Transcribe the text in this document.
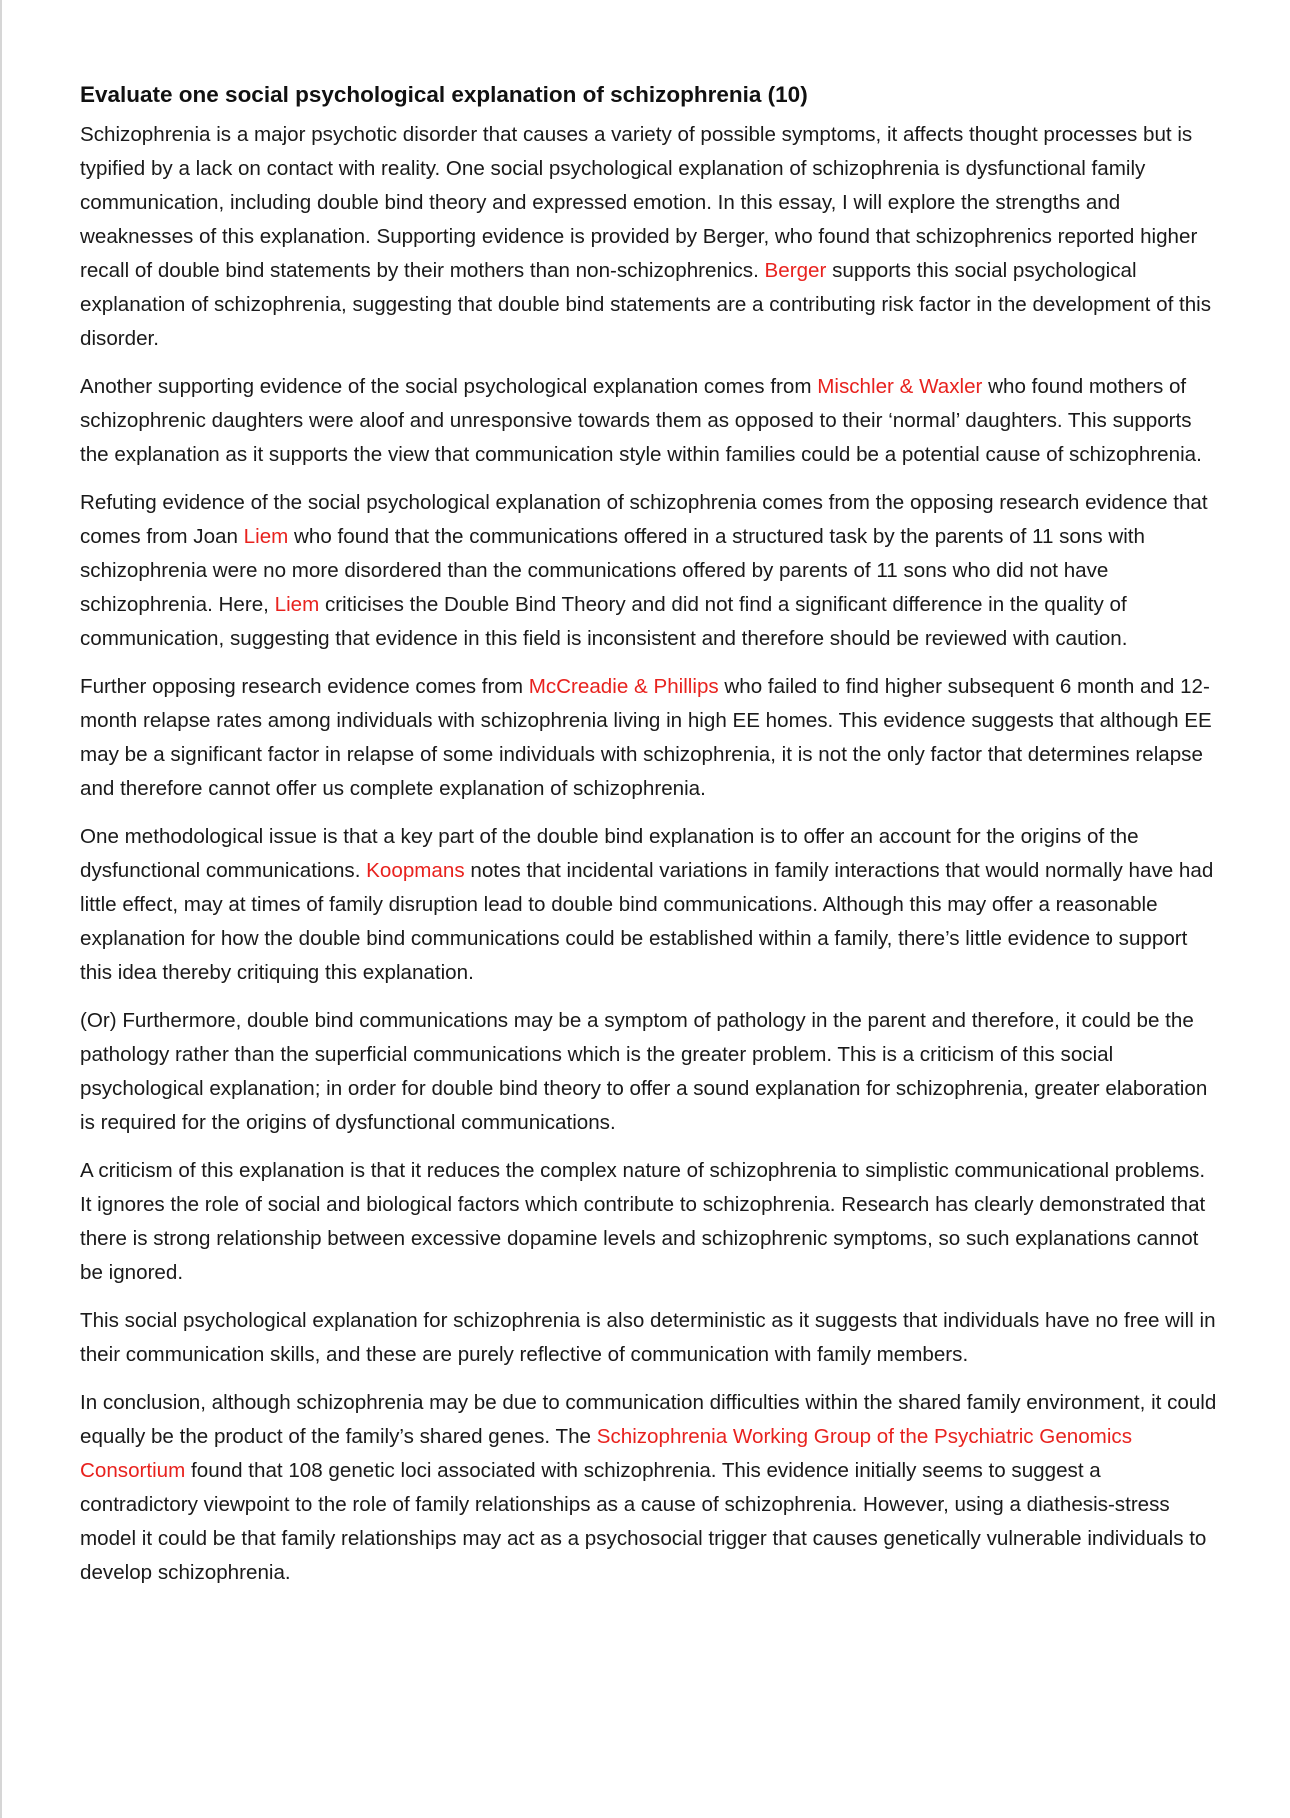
Evaluate one social psychological explanation of schizophrenia (10)

Schizophrenia is a major psychotic disorder that causes a variety of possible symptoms, it affects thought processes but is typified by a lack on contact with reality. One social psychological explanation of schizophrenia is dysfunctional family communication, including double bind theory and expressed emotion. In this essay, I will explore the strengths and weaknesses of this explanation. Supporting evidence is provided by Berger, who found that schizophrenics reported higher recall of double bind statements by their mothers than non-schizophrenics. Berger supports this social psychological explanation of schizophrenia, suggesting that double bind statements are a contributing risk factor in the development of this disorder.

Another supporting evidence of the social psychological explanation comes from Mischler & Waxler who found mothers of schizophrenic daughters were aloof and unresponsive towards them as opposed to their ‘normal’ daughters. This supports the explanation as it supports the view that communication style within families could be a potential cause of schizophrenia.

Refuting evidence of the social psychological explanation of schizophrenia comes from the opposing research evidence that comes from Joan Liem who found that the communications offered in a structured task by the parents of 11 sons with schizophrenia were no more disordered than the communications offered by parents of 11 sons who did not have schizophrenia. Here, Liem criticises the Double Bind Theory and did not find a significant difference in the quality of communication, suggesting that evidence in this field is inconsistent and therefore should be reviewed with caution.

Further opposing research evidence comes from McCreadie & Phillips who failed to find higher subsequent 6 month and 12-month relapse rates among individuals with schizophrenia living in high EE homes. This evidence suggests that although EE may be a significant factor in relapse of some individuals with schizophrenia, it is not the only factor that determines relapse and therefore cannot offer us complete explanation of schizophrenia.

One methodological issue is that a key part of the double bind explanation is to offer an account for the origins of the dysfunctional communications. Koopmans notes that incidental variations in family interactions that would normally have had little effect, may at times of family disruption lead to double bind communications. Although this may offer a reasonable explanation for how the double bind communications could be established within a family, there’s little evidence to support this idea thereby critiquing this explanation.

(Or) Furthermore, double bind communications may be a symptom of pathology in the parent and therefore, it could be the pathology rather than the superficial communications which is the greater problem. This is a criticism of this social psychological explanation; in order for double bind theory to offer a sound explanation for schizophrenia, greater elaboration is required for the origins of dysfunctional communications.

A criticism of this explanation is that it reduces the complex nature of schizophrenia to simplistic communicational problems. It ignores the role of social and biological factors which contribute to schizophrenia. Research has clearly demonstrated that there is strong relationship between excessive dopamine levels and schizophrenic symptoms, so such explanations cannot be ignored.

This social psychological explanation for schizophrenia is also deterministic as it suggests that individuals have no free will in their communication skills, and these are purely reflective of communication with family members.

In conclusion, although schizophrenia may be due to communication difficulties within the shared family environment, it could equally be the product of the family’s shared genes. The Schizophrenia Working Group of the Psychiatric Genomics Consortium found that 108 genetic loci associated with schizophrenia. This evidence initially seems to suggest a contradictory viewpoint to the role of family relationships as a cause of schizophrenia. However, using a diathesis-stress model it could be that family relationships may act as a psychosocial trigger that causes genetically vulnerable individuals to develop schizophrenia.
